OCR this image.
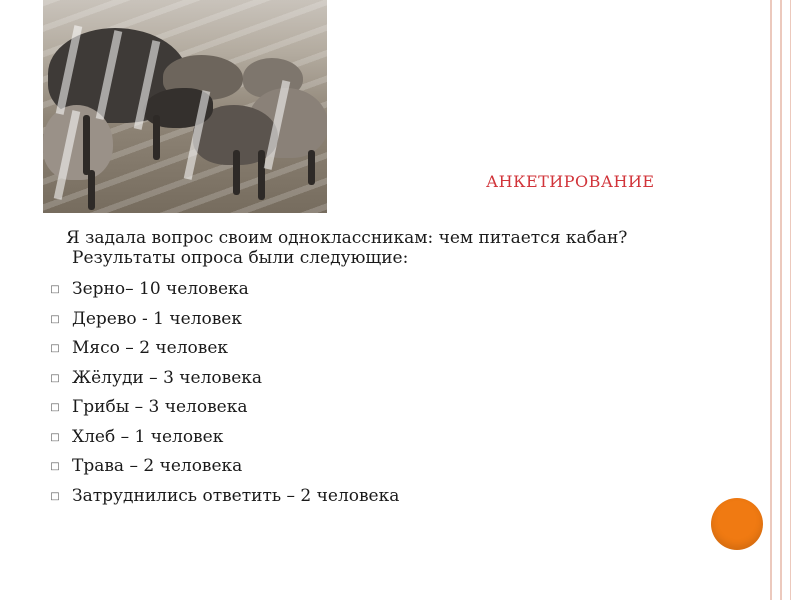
АНКЕТИРОВАНИЕ
Я задала вопрос своим одноклассникам: чем питается кабан?
Результаты опроса были следующие:
□ Зерно– 10 человека
□ Дерево - 1 человек
□ Мясо – 2 человек
□ Жёлуди – 3 человека
□ Грибы – 3 человека
□ Хлеб – 1 человек
□ Трава – 2 человека
□ Затруднились ответить – 2 человека
